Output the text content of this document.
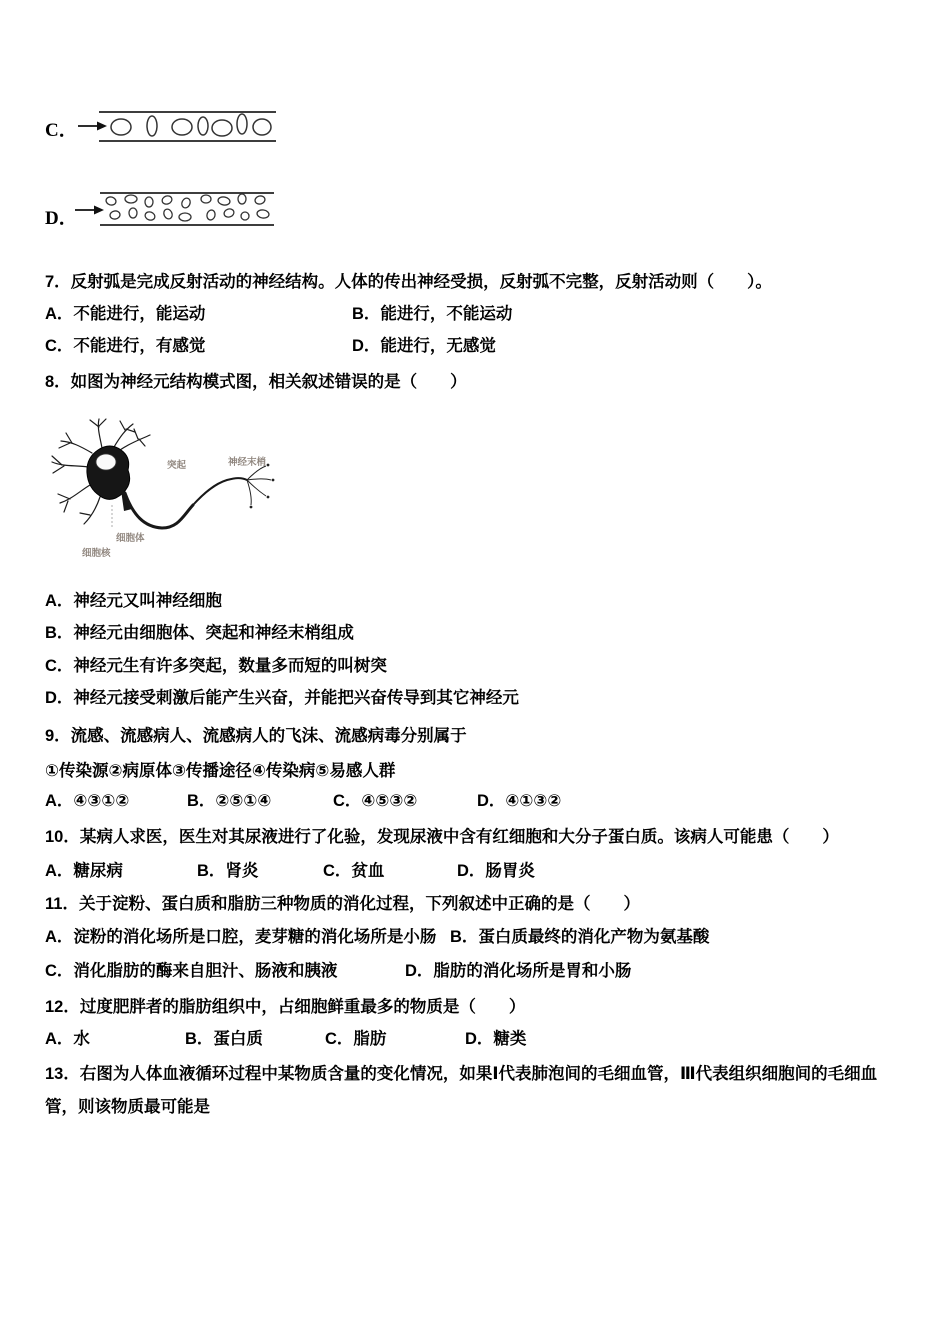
C．
D．
7．反射弧是完成反射活动的神经结构。人体的传出神经受损，反射弧不完整，反射活动则（　　）。

A．不能进行，能运动

	B．能进行，不能运动

C．不能进行，有感觉

	D．能进行，无感觉

8．如图为神经元结构模式图，相关叙述错误的是（　　）
突起	神经末梢
细胞体
细胞核
A．神经元又叫神经细胞
B．神经元由细胞体、突起和神经末梢组成
C．神经元生有许多突起，数量多而短的叫树突
D．神经元接受刺激后能产生兴奋，并能把兴奋传导到其它神经元
9．流感、流感病人、流感病人的飞沫、流感病毒分别属于
①传染源②病原体③传播途径④传染病⑤易感人群

A．④③①②

	B．②⑤①④

	C．④⑤③②

	D．④①③②

10．某病人求医，医生对其尿液进行了化验，发现尿液中含有红细胞和大分子蛋白质。该病人可能患（　　）

A．糖尿病

	B．肾炎

	C．贫血

	D．肠胃炎

11．关于淀粉、蛋白质和脂肪三种物质的消化过程，下列叙述中正确的是（　　）

A．淀粉的消化场所是口腔，麦芽糖的消化场所是小肠

B．蛋白质最终的消化产物为氨基酸

C．消化脂肪的酶来自胆汁、肠液和胰液

	D．脂肪的消化场所是胃和小肠

12．过度肥胖者的脂肪组织中，占细胞鲜重最多的物质是（　　）

A．水

	B．蛋白质

	C．脂肪

	D．糖类

13．右图为人体血液循环过程中某物质含量的变化情况，如果Ⅰ代表肺泡间的毛细血管，Ⅲ代表组织细胞间的毛细血
管，则该物质最可能是
